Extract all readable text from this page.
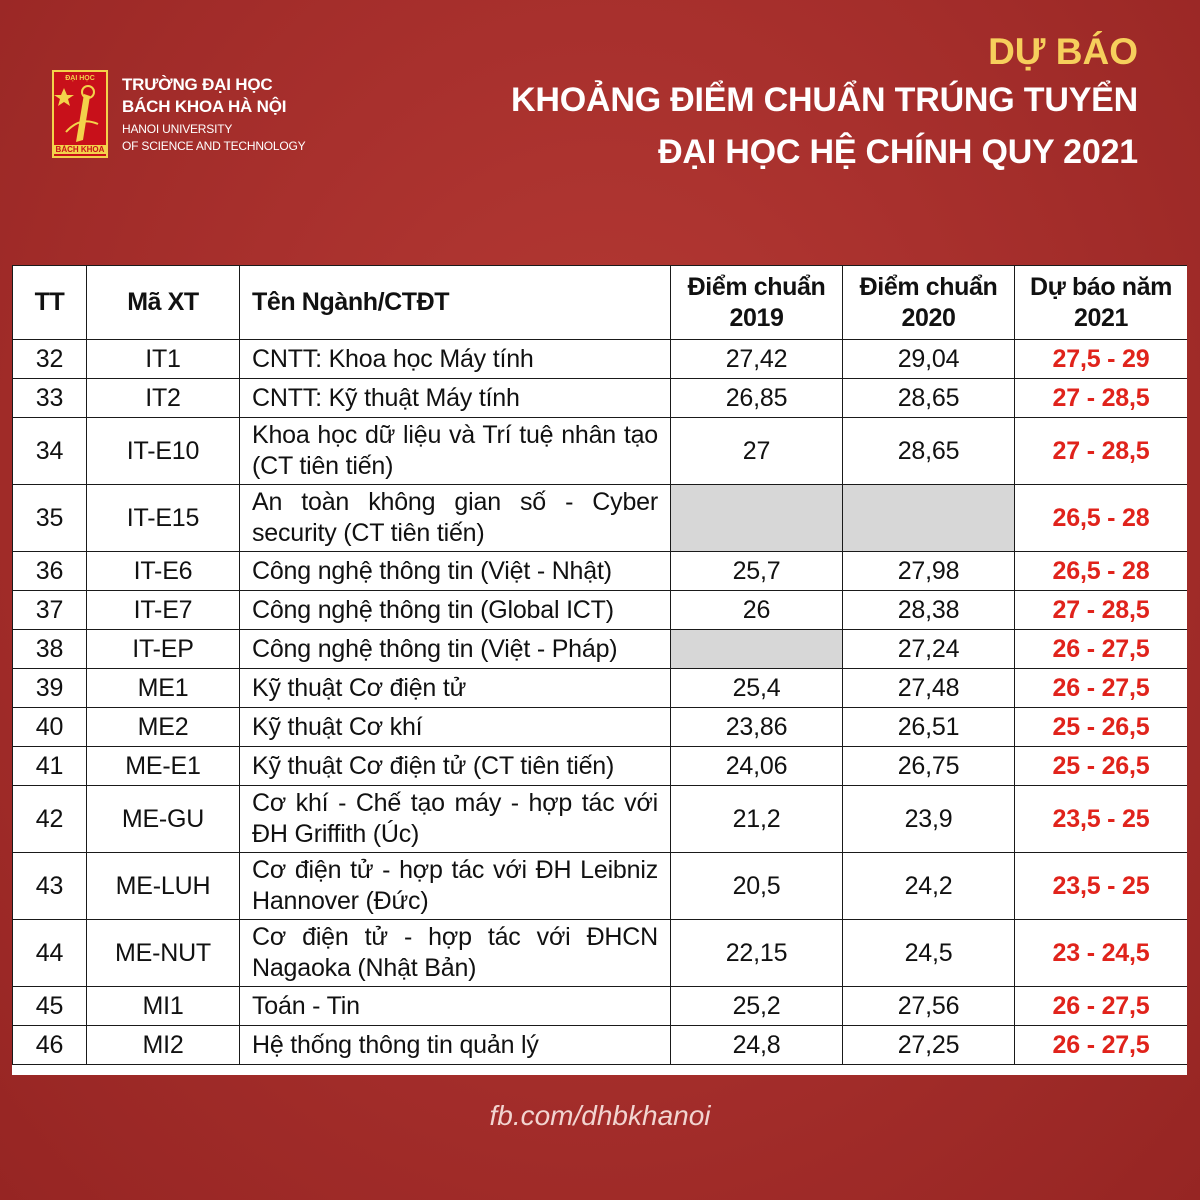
ĐẠI HỌC
BÁCH KHOA
TRƯỜNG ĐẠI HỌC
BÁCH KHOA HÀ NỘI
HANOI UNIVERSITY
OF SCIENCE AND TECHNOLOGY
DỰ BÁO
KHOẢNG ĐIỂM CHUẨN TRÚNG TUYỂN
ĐẠI HỌC HỆ CHÍNH QUY 2021
TT	Mã XT	Tên Ngành/CTĐT	Điểm chuẩn 2019	Điểm chuẩn 2020	Dự báo năm 2021
32	IT1	CNTT: Khoa học Máy tính	27,42	29,04	27,5 - 29
33	IT2	CNTT: Kỹ thuật Máy tính	26,85	28,65	27 - 28,5
34	IT-E10	Khoa học dữ liệu và Trí tuệ nhân tạo (CT tiên tiến)	27	28,65	27 - 28,5
35	IT-E15	An toàn không gian số - Cyber security (CT tiên tiến)			26,5 - 28
36	IT-E6	Công nghệ thông tin (Việt - Nhật)	25,7	27,98	26,5 - 28
37	IT-E7	Công nghệ thông tin (Global ICT)	26	28,38	27 - 28,5
38	IT-EP	Công nghệ thông tin (Việt - Pháp)		27,24	26 - 27,5
39	ME1	Kỹ thuật Cơ điện tử	25,4	27,48	26 - 27,5
40	ME2	Kỹ thuật Cơ khí	23,86	26,51	25 - 26,5
41	ME-E1	Kỹ thuật Cơ điện tử (CT tiên tiến)	24,06	26,75	25 - 26,5
42	ME-GU	Cơ khí - Chế tạo máy - hợp tác với ĐH Griffith (Úc)	21,2	23,9	23,5 - 25
43	ME-LUH	Cơ điện tử - hợp tác với ĐH Leibniz Hannover (Đức)	20,5	24,2	23,5 - 25
44	ME-NUT	Cơ điện tử - hợp tác với ĐHCN Nagaoka (Nhật Bản)	22,15	24,5	23 - 24,5
45	MI1	Toán - Tin	25,2	27,56	26 - 27,5
46	MI2	Hệ thống thông tin quản lý	24,8	27,25	26 - 27,5
fb.com/dhbkhanoi
